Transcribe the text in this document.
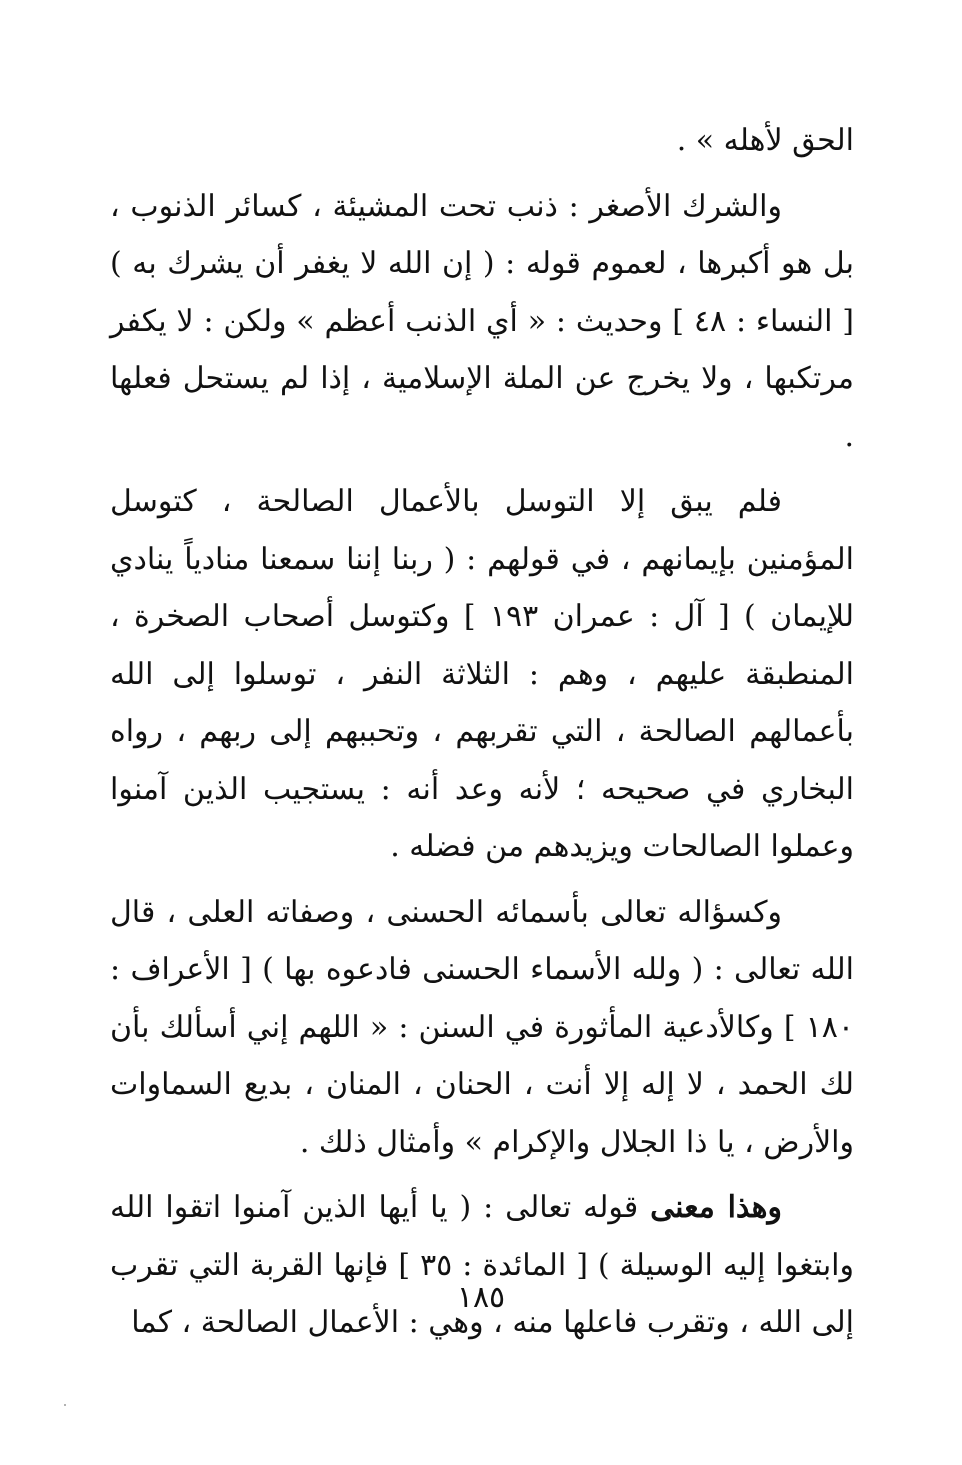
الحق لأهله » .

والشرك الأصغر : ذنب تحت المشيئة ، كسائر الذنوب ، بل هو أكبرها ، لعموم قوله : ( إن الله لا يغفر أن يشرك به ) [ النساء : ٤٨ ] وحديث : « أي الذنب أعظم » ولكن : لا يكفر مرتكبها ، ولا يخرج عن الملة الإسلامية ، إذا لم يستحل فعلها .

فلم يبق إلا التوسل بالأعمال الصالحة ، كتوسل المؤمنين بإيمانهم ، في قولهم : ( ربنا إننا سمعنا منادياً ينادي للإيمان ) [ آل : عمران ١٩٣ ] وكتوسل أصحاب الصخرة ، المنطبقة عليهم ، وهم : الثلاثة النفر ، توسلوا إلى الله بأعمالهم الصالحة ، التي تقربهم ، وتحببهم إلى ربهم ، رواه البخاري في صحيحه ؛ لأنه وعد أنه : يستجيب الذين آمنوا وعملوا الصالحات ويزيدهم من فضله .

وكسؤاله تعالى بأسمائه الحسنى ، وصفاته العلى ، قال الله تعالى : ( ولله الأسماء الحسنى فادعوه بها ) [ الأعراف : ١٨٠ ] وكالأدعية المأثورة في السنن : « اللهم إني أسألك بأن لك الحمد ، لا إله إلا أنت ، الحنان ، المنان ، بديع السماوات والأرض ، يا ذا الجلال والإكرام » وأمثال ذلك .

وهذا معنى قوله تعالى : ( يا أيها الذين آمنوا اتقوا الله وابتغوا إليه الوسيلة ) [ المائدة : ٣٥ ] فإنها القربة التي تقرب إلى الله ، وتقرب فاعلها منه ، وهي : الأعمال الصالحة ، كما

١٨٥
